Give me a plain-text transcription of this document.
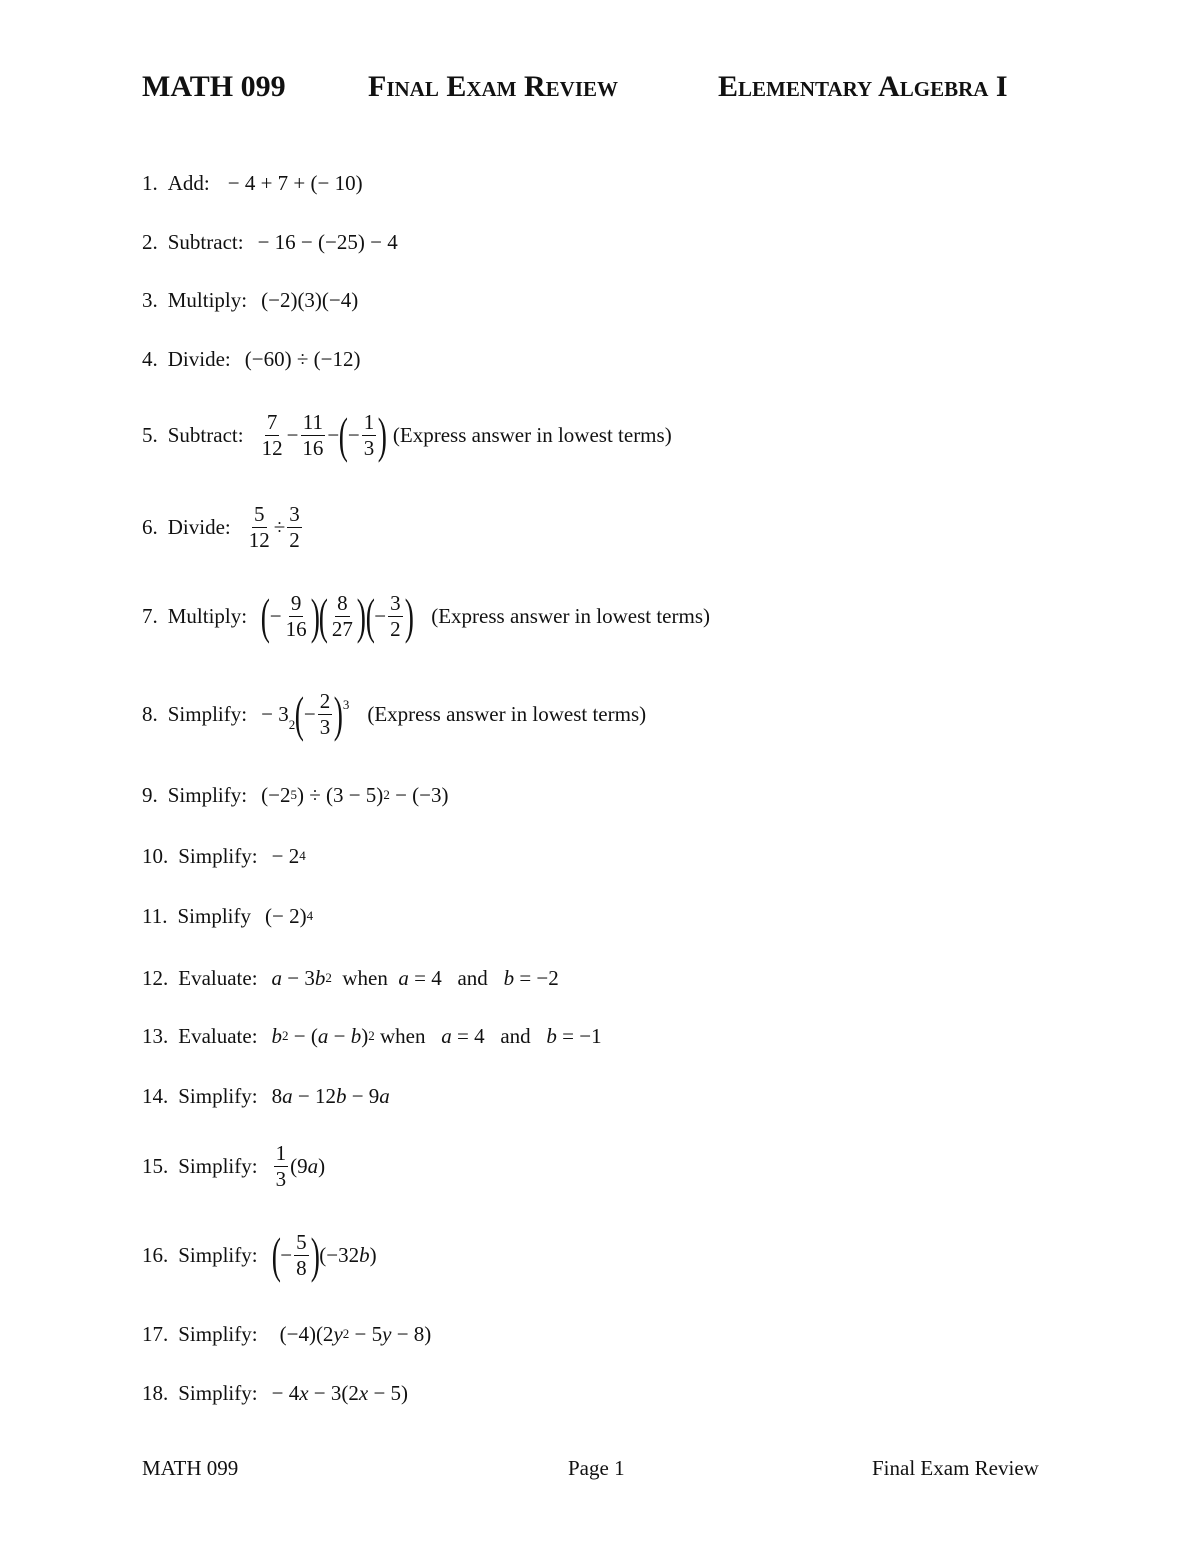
MATH 099	Final Exam Review	Elementary Algebra I
1. Add: − 4 + 7 + (− 10)
2. Subtract: − 16 − (−25) − 4
3. Multiply: (−2)(3)(−4)
4. Divide: (−60) ÷ (−12)
5. Subtract: $\frac{7}{12} - \frac{11}{16}$ − ( − $\frac{1}{3}$ ) (Express answer in lowest terms)
6. Divide: $\frac{5}{12} \div \frac{3}{2}$
7. Multiply: ( − $\frac{9}{16}$ ) ( $\frac{8}{27}$ ) ( − $\frac{3}{2}$ ) (Express answer in lowest terms)
8. Simplify: − $3_2$ ( − $\frac{2}{3} )^3$ (Express answer in lowest terms)
9. Simplify: (−2 5 ) ÷ (3 − 5) 2 − (−3)
10. Simplify: − 2 4
11. Simplify (− 2) 4
12. Evaluate: a − 3 b 2 when a = 4   and b = −2
13. Evaluate: b 2 − ( a − b ) 2 when a = 4   and b = −1
14. Simplify: 8 a − 12 b − 9 a
15. Simplify: $\frac{1}{3} (9$ a )
16. Simplify: ( − $\frac{5}{8}$ ) (−32 b )
17. Simplify: (−4)(2 y 2 − 5 y − 8)
18. Simplify: − 4 x − 3(2 x − 5)
MATH 099	Page 1	Final Exam Review
